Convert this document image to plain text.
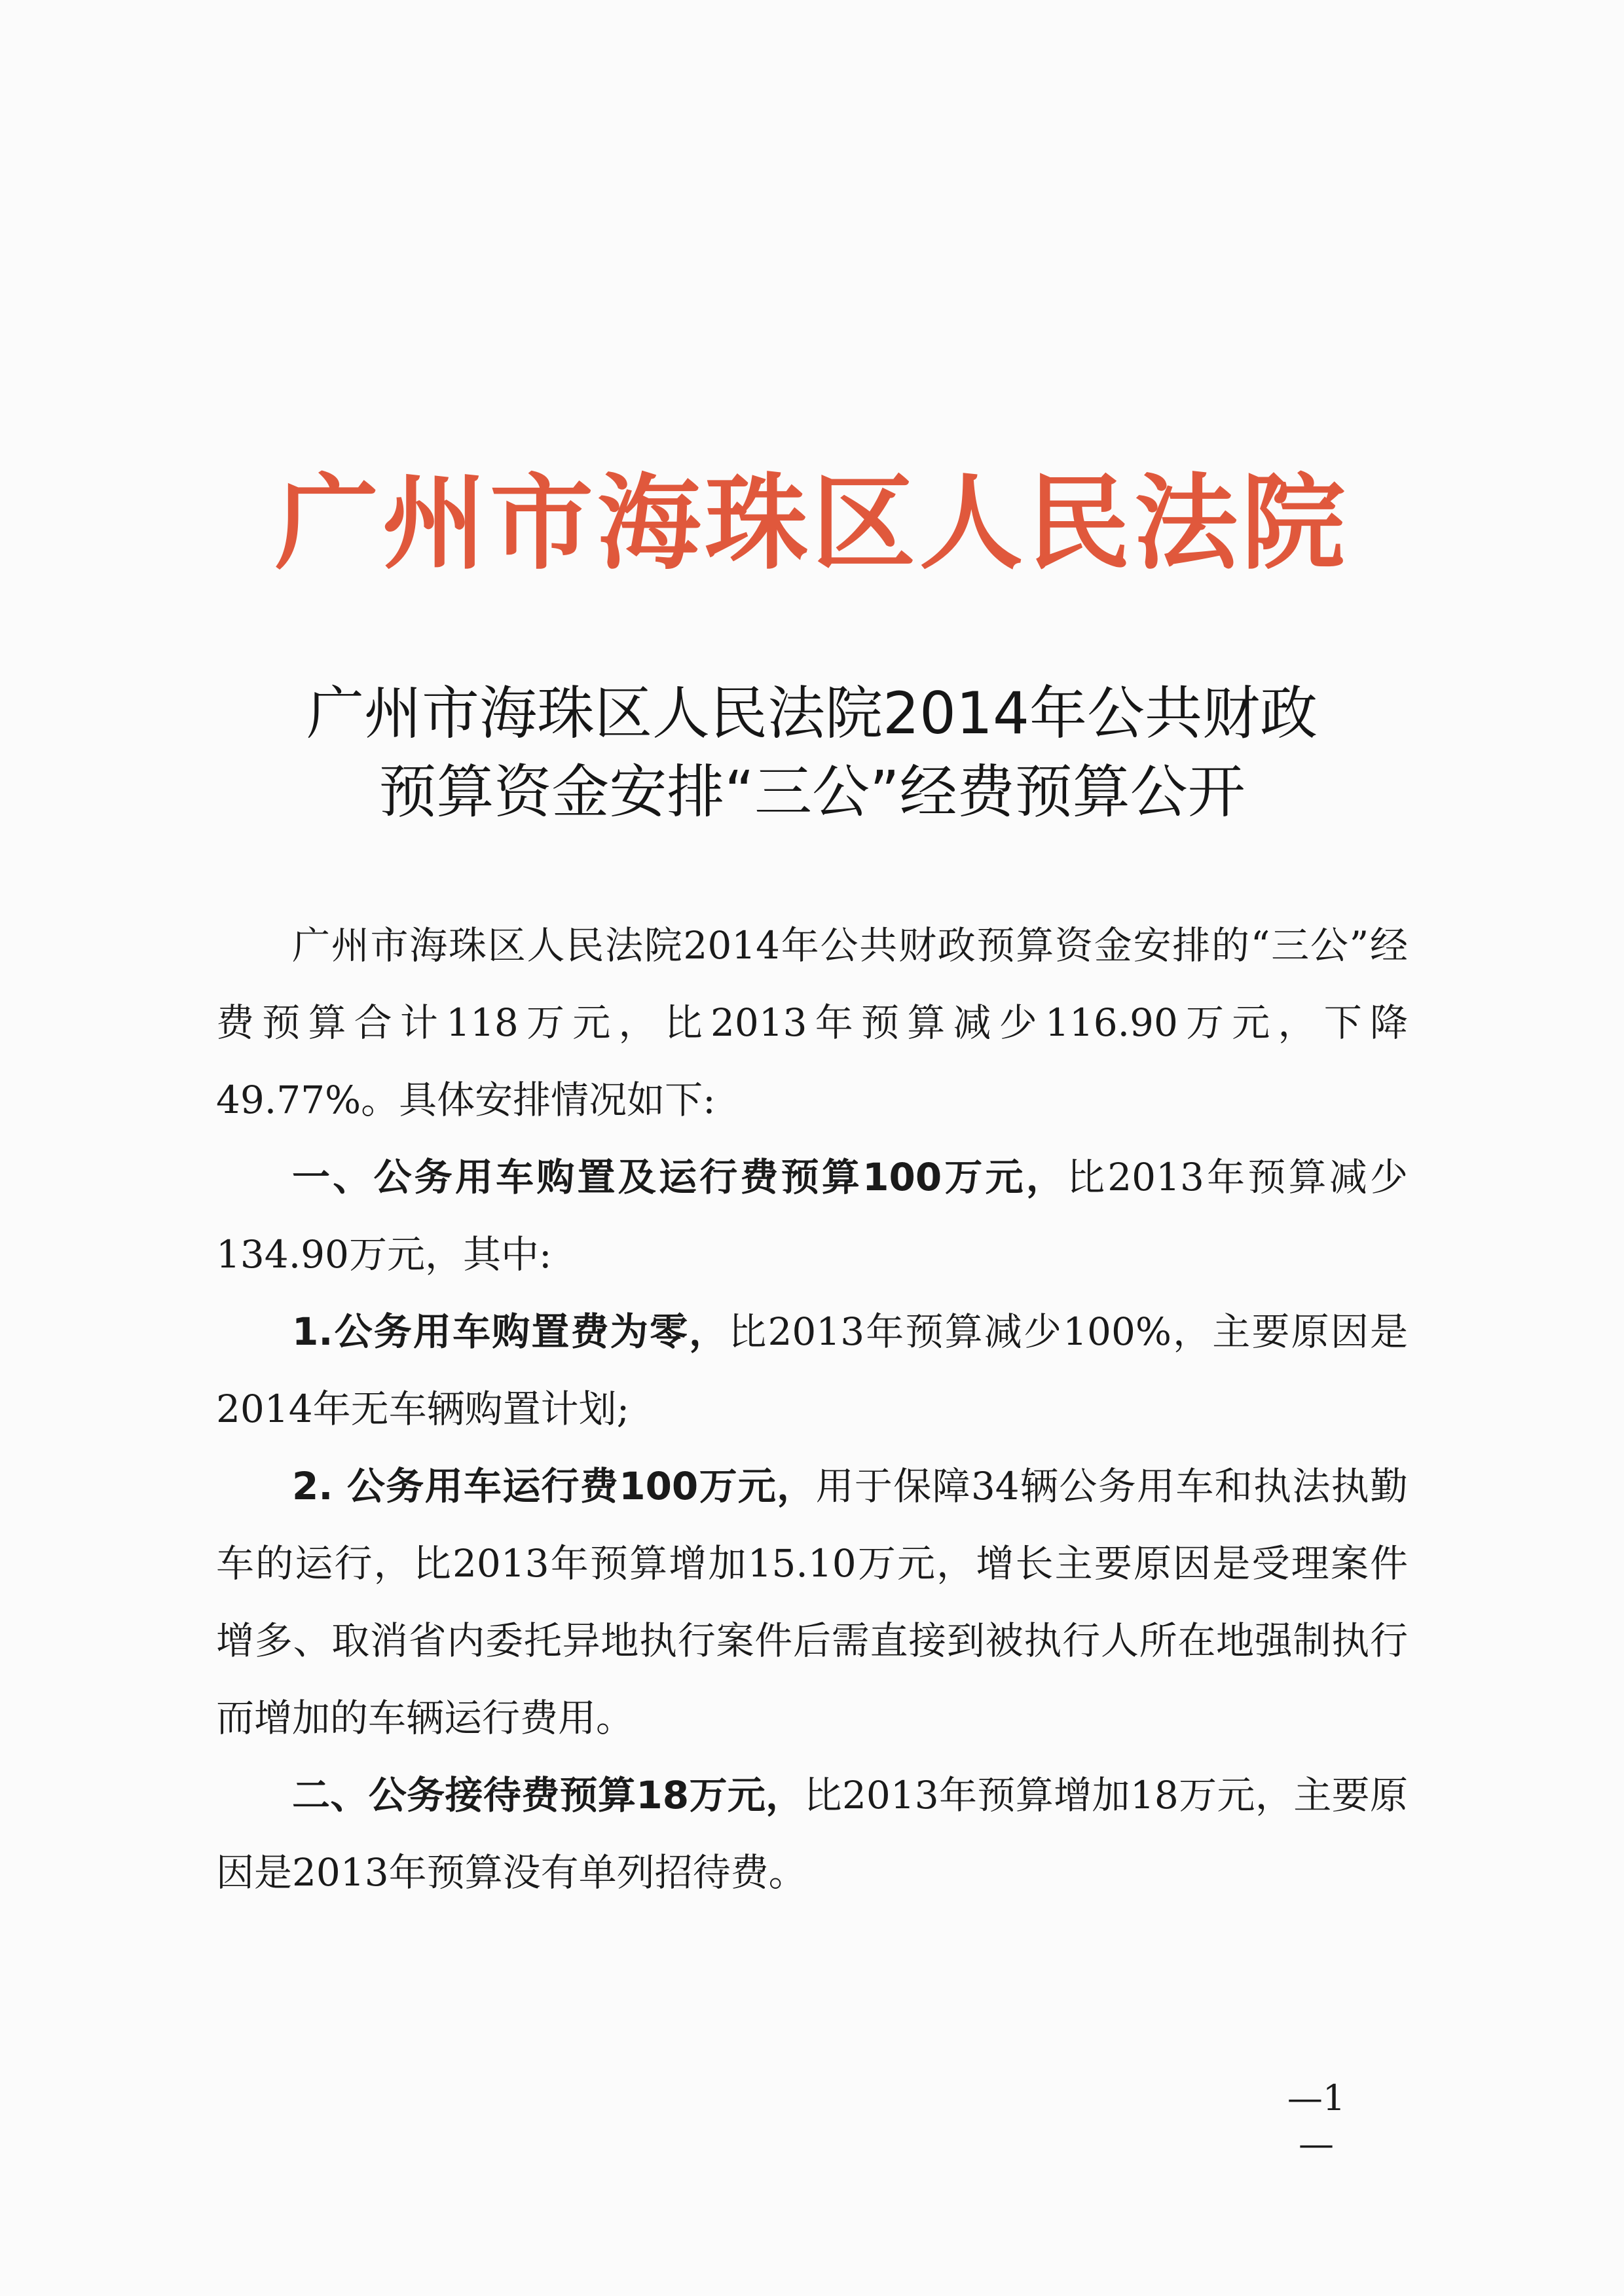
广州市海珠区人民法院
广州市海珠区人民法院2014年公共财政
预算资金安排“三公”经费预算公开

广州市海珠区人民法院2014年公共财政预算资金安排的“三公”经费预算合计118万元，比2013年预算减少116.90万元，下降49.77%。具体安排情况如下:

一、公务用车购置及运行费预算100万元，比2013年预算减少134.90万元，其中:

1.公务用车购置费为零，比2013年预算减少100%，主要原因是2014年无车辆购置计划;

2. 公务用车运行费100万元，用于保障34辆公务用车和执法执勤车的运行，比2013年预算增加15.10万元，增长主要原因是受理案件增多、取消省内委托异地执行案件后需直接到被执行人所在地强制执行而增加的车辆运行费用。

二、公务接待费预算18万元，比2013年预算增加18万元，主要原因是2013年预算没有单列招待费。

—1—
